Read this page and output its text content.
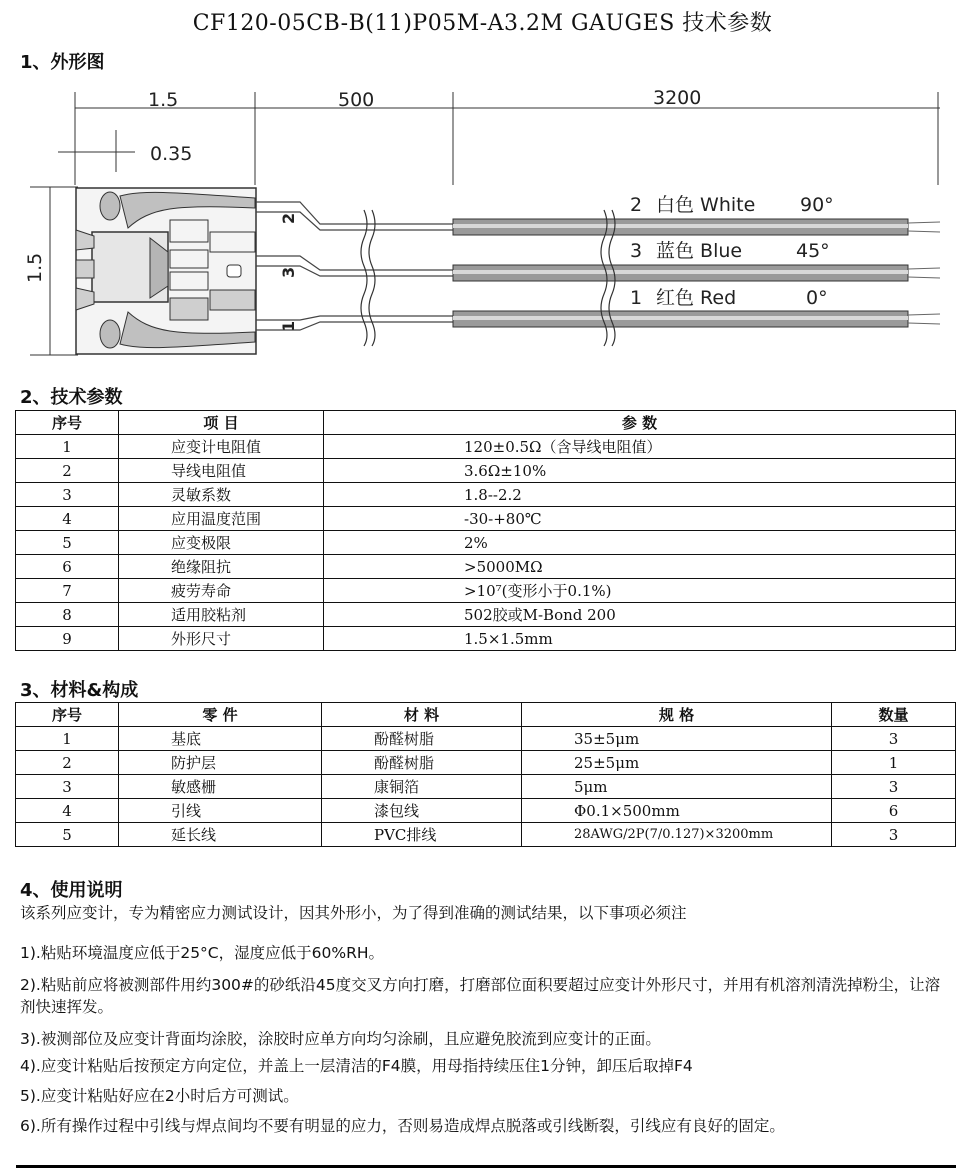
CF120-05CB-B(11)P05M-A3.2M GAUGES 技术参数
1、外形图
1.5	500	3200
0.35
1.5
2
3
1
2 白色 White 90°
3 蓝色 Blue	45°
1 红色 Red	0°
2、技术参数
序号	项 目	参 数
1	应变计电阻值	120±0.5Ω（含导线电阻值）
2	导线电阻值	3.6Ω±10%
3	灵敏系数	1.8--2.2
4	应用温度范围	-30-+80℃
5	应变极限	2%
6	绝缘阻抗	>5000MΩ
7	疲劳寿命	>10⁷(变形小于0.1%)
8	适用胶粘剂	502胶或M-Bond 200
9	外形尺寸	1.5×1.5mm
3、材料&构成
序号	零 件	材 料	规 格	数量
1	基底	酚醛树脂	35±5μm	3
2	防护层	酚醛树脂	25±5μm	1
3	敏感栅	康铜箔	5μm	3
4	引线	漆包线	Φ0.1×500mm	6
5	延长线	PVC排线	28AWG/2P(7/0.127)×3200mm	3
4、使用说明
该系列应变计，专为精密应力测试设计，因其外形小，为了得到准确的测试结果，以下事项必须注
1).粘贴环境温度应低于25°C，湿度应低于60%RH。
2).粘贴前应将被测部件用约300#的砂纸沿45度交叉方向打磨，打磨部位面积要超过应变计外形尺寸，并用有机溶剂清洗掉粉尘，让溶剂快速挥发。
3).被测部位及应变计背面均涂胶，涂胶时应单方向均匀涂刷，且应避免胶流到应变计的正面。
4).应变计粘贴后按预定方向定位，并盖上一层清洁的F4膜，用母指持续压住1分钟，卸压后取掉F4
5).应变计粘贴好应在2小时后方可测试。
6).所有操作过程中引线与焊点间均不要有明显的应力，否则易造成焊点脱落或引线断裂，引线应有良好的固定。
